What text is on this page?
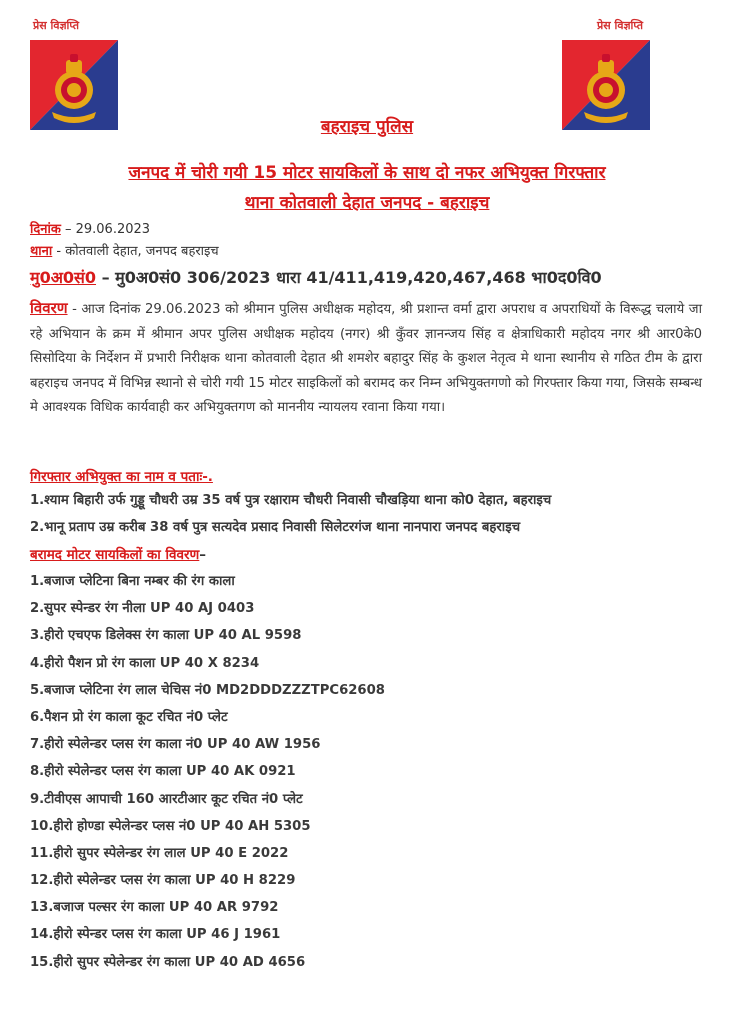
प्रेस विज्ञप्ति	प्रेस विज्ञप्ति
बहराइच पुलिस
जनपद में चोरी गयी 15 मोटर सायकिलों के साथ दो नफर अभियुक्त गिरफ्तार
थाना कोतवाली देहात जनपद - बहराइच
दिनांक – 29.06.2023
थाना - कोतवाली देहात, जनपद बहराइच
मु0अ0सं0 – मु0अ0सं0 306/2023 धारा 41/411,419,420,467,468 भा0द0वि0
विवरण - आज दिनांक 29.06.2023 को श्रीमान पुलिस अधीक्षक महोदय, श्री प्रशान्त वर्मा द्वारा अपराध व अपराधियों के विरूद्ध चलाये जा रहे अभियान के क्रम में श्रीमान अपर पुलिस अधीक्षक महोदय (नगर) श्री कुँवर ज्ञानन्जय सिंह व क्षेत्राधिकारी महोदय नगर श्री आर0के0 सिसोदिया के निर्देशन में प्रभारी निरीक्षक थाना कोतवाली देहात श्री शमशेर बहादुर सिंह के कुशल नेतृत्व मे थाना स्थानीय से गठित टीम के द्वारा बहराइच जनपद में विभिन्न स्थानो से चोरी गयी 15 मोटर साइकिलों को बरामद कर निम्न अभियुक्तगणो को गिरफ्तार किया गया, जिसके सम्बन्ध मे आवश्यक विधिक कार्यवाही कर अभियुक्तगण को माननीय न्यायलय रवाना किया गया।
गिरफ्तार अभियुक्त का नाम व पताः-.
1.श्याम बिहारी उर्फ गुड्डू चौधरी उम्र 35 वर्ष पुत्र रक्षाराम चौधरी निवासी चौखड़िया थाना को0 देहात, बहराइच
2.भानू प्रताप उम्र करीब 38 वर्ष पुत्र सत्यदेव प्रसाद निवासी सिलेटरगंज थाना नानपारा जनपद बहराइच
बरामद मोटर सायकिलों का विवरण–
1.बजाज प्लेटिना बिना नम्बर की रंग काला
2.सुपर स्पेन्डर रंग नीला UP 40 AJ 0403
3.हीरो एचएफ डिलेक्स रंग काला UP 40 AL 9598
4.हीरो पैशन प्रो रंग काला UP 40 X 8234
5.बजाज प्लेटिना रंग लाल चेचिस नं0 MD2DDDZZZTPC62608
6.पैशन प्रो रंग काला कूट रचित नं0 प्लेट
7.हीरो स्पेलेन्डर प्लस रंग काला नं0 UP 40 AW 1956
8.हीरो स्पेलेन्डर प्लस रंग काला UP 40 AK 0921
9.टीवीएस आपाची 160 आरटीआर कूट रचित नं0 प्लेट
10.हीरो होण्डा स्पेलेन्डर प्लस नं0 UP 40 AH 5305
11.हीरो सुपर स्पेलेन्डर रंग लाल UP 40 E 2022
12.हीरो स्पेलेन्डर प्लस रंग काला UP 40 H 8229
13.बजाज पल्सर रंग काला UP 40 AR 9792
14.हीरो स्पेन्डर प्लस रंग काला UP 46 J 1961
15.हीरो सुपर स्पेलेन्डर रंग काला UP 40 AD 4656
